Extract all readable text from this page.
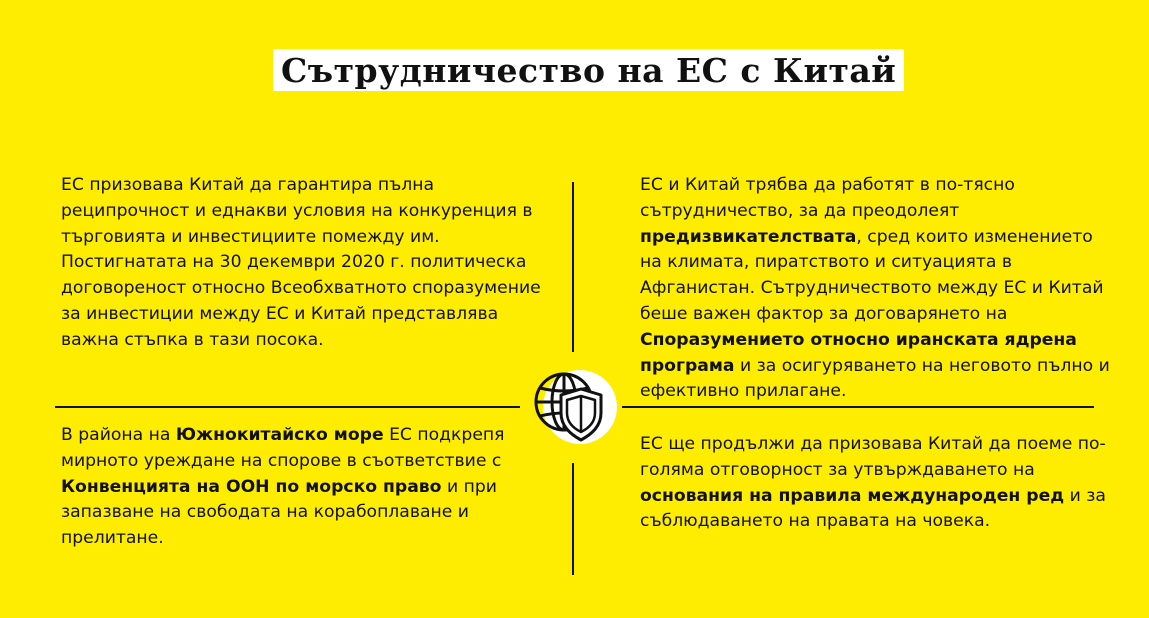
Сътрудничество на ЕС с Китай

ЕС призовава Китай да гарантира пълна реципрочност и еднакви условия на конкуренция в търговията и инвестициите помежду им. Постигнатата на 30 декември 2020 г. политическа договореност относно Всеобхватното споразумение за инвестиции между ЕС и Китай представлява важна стъпка в тази посока.

ЕС и Китай трябва да работят в по-тясно сътрудничество, за да преодолеят предизвикателствата, сред които изменението на климата, пиратството и ситуацията в Афганистан. Сътрудничеството между ЕС и Китай беше важен фактор за договарянето на Споразумението относно иранската ядрена програма и за осигуряването на неговото пълно и ефективно прилагане.

В района на Южнокитайско море ЕС подкрепя мирното уреждане на спорове в съответствие с Конвенцията на ООН по морско право и при запазване на свободата на корабоплаване и прелитане.

ЕС ще продължи да призовава Китай да поеме по-голяма отговорност за утвърждаването на основания на правила международен ред и за съблюдаването на правата на човека.
